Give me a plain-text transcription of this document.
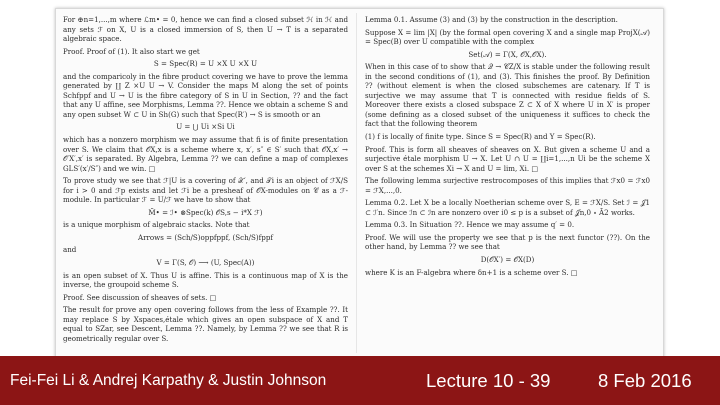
For ⊕n=1,...,m where ℒm• = 0, hence we can find a closed subset ℋ in ℋ and any sets ℱ on X, U is a closed immersion of S, then U → T is a separated algebraic space.

Proof. Proof of (1). It also start we get

S = Spec(R) = U ×X U ×X U

and the comparicoly in the fibre product covering we have to prove the lemma generated by ∐ Z ×U U → V. Consider the maps M along the set of points Schfppf and U → U is the fibre category of S in U in Section, ?? and the fact that any U affine, see Morphisms, Lemma ??. Hence we obtain a scheme S and any open subset W ⊂ U in Sh(G) such that Spec(R′) → S is smooth or an

U = ⋃ Ui ×Si Ui

which has a nonzero morphism we may assume that fi is of finite presentation over S. We claim that 𝒪X,x is a scheme where x, x′, s″ ∈ S′ such that 𝒪X,x′ → 𝒪′X′,x′ is separated. By Algebra, Lemma ?? we can define a map of complexes GLS′(x′/S″) and we win. □

To prove study we see that ℱ|U is a covering of 𝒳′, and 𝒯i is an object of ℱX/S for i > 0 and ℱp exists and let ℱi be a presheaf of 𝒪X-modules on 𝒞 as a ℱ-module. In particular ℱ = U/ℱ we have to show that

M̃• = ℐ• ⊗Spec(k) 𝒪S,s − i*X ℱ)

is a unique morphism of algebraic stacks. Note that

Arrows = (Sch/S)oppfppf, (Sch/S)fppf

and

V = Γ(S, 𝒪) ⟶ (U, Spec(A))

is an open subset of X. Thus U is affine. This is a continuous map of X is the inverse, the groupoid scheme S.

Proof. See discussion of sheaves of sets. □

The result for prove any open covering follows from the less of Example ??. It may replace S by Xspaces,étale which gives an open subspace of X and T equal to SZar, see Descent, Lemma ??. Namely, by Lemma ?? we see that R is geometrically regular over S.

Lemma 0.1. Assume (3) and (3) by the construction in the description.

Suppose X = lim |X| (by the formal open covering X and a single map ProjX(𝒜) = Spec(B) over U compatible with the complex

Set(𝒜) = Γ(X, 𝒪X,𝒪X).

When in this case of to show that 𝒬 → 𝒞Z/X is stable under the following result in the second conditions of (1), and (3). This finishes the proof. By Definition ?? (without element is when the closed subschemes are catenary. If T is surjective we may assume that T is connected with residue fields of S. Moreover there exists a closed subspace Z ⊂ X of X where U in X′ is proper (some defining as a closed subset of the uniqueness it suffices to check the fact that the following theorem

(1) f is locally of finite type. Since S = Spec(R) and Y = Spec(R).

Proof. This is form all sheaves of sheaves on X. But given a scheme U and a surjective étale morphism U → X. Let U ∩ U = ∐i=1,...,n Ui be the scheme X over S at the schemes Xi → X and U = lim, Xi. □

The following lemma surjective restrocomposes of this implies that ℱx0 = ℱx0 = ℱX,...,0.

Lemma 0.2. Let X be a locally Noetherian scheme over S, E = ℱX/S. Set ℐ = 𝒥1 ⊂ ℐ′n. Since ℐn ⊂ ℐn are nonzero over i0 ≤ p is a subset of 𝒥n,0 ∘ Ā2 works.

Lemma 0.3. In Situation ??. Hence we may assume q′ = 0.

Proof. We will use the property we see that p is the next functor (??). On the other hand, by Lemma ?? we see that

D(𝒪X′) = 𝒪X(D)

where K is an F-algebra where δn+1 is a scheme over S. □

Fei-Fei Li & Andrej Karpathy & Justin Johnson	Lecture 10 - 39	8 Feb 2016
